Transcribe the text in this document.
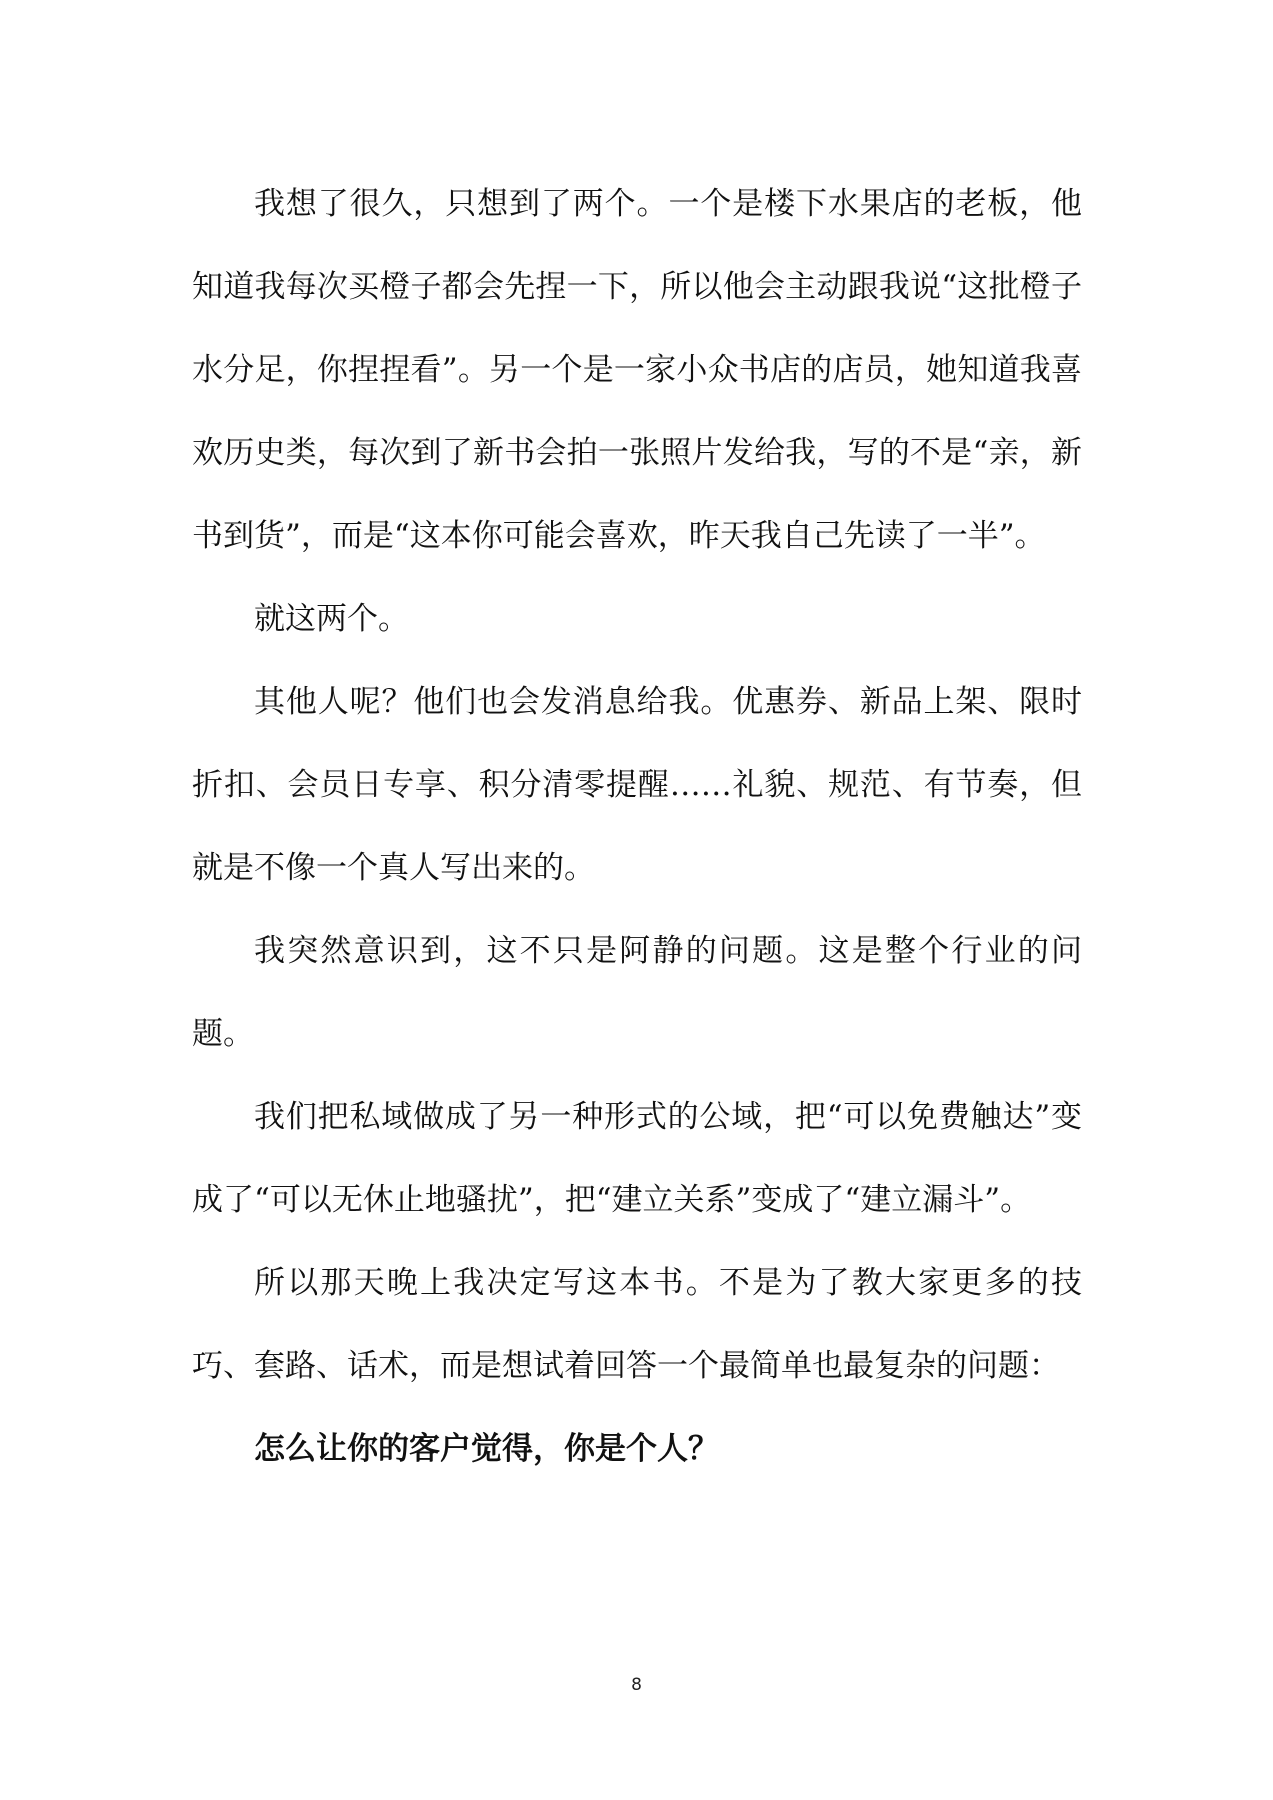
我想了很久，只想到了两个。一个是楼下水果店的老板，他知道我每次买橙子都会先捏一下，所以他会主动跟我说“这批橙子水分足，你捏捏看”。另一个是一家小众书店的店员，她知道我喜欢历史类，每次到了新书会拍一张照片发给我，写的不是“亲，新书到货”，而是“这本你可能会喜欢，昨天我自己先读了一半”。

就这两个。

其他人呢？他们也会发消息给我。优惠券、新品上架、限时折扣、会员日专享、积分清零提醒……礼貌、规范、有节奏，但就是不像一个真人写出来的。

我突然意识到，这不只是阿静的问题。这是整个行业的问题。

我们把私域做成了另一种形式的公域，把“可以免费触达”变成了“可以无休止地骚扰”，把“建立关系”变成了“建立漏斗”。

所以那天晚上我决定写这本书。不是为了教大家更多的技巧、套路、话术，而是想试着回答一个最简单也最复杂的问题：

怎么让你的客户觉得，你是个人？

8
